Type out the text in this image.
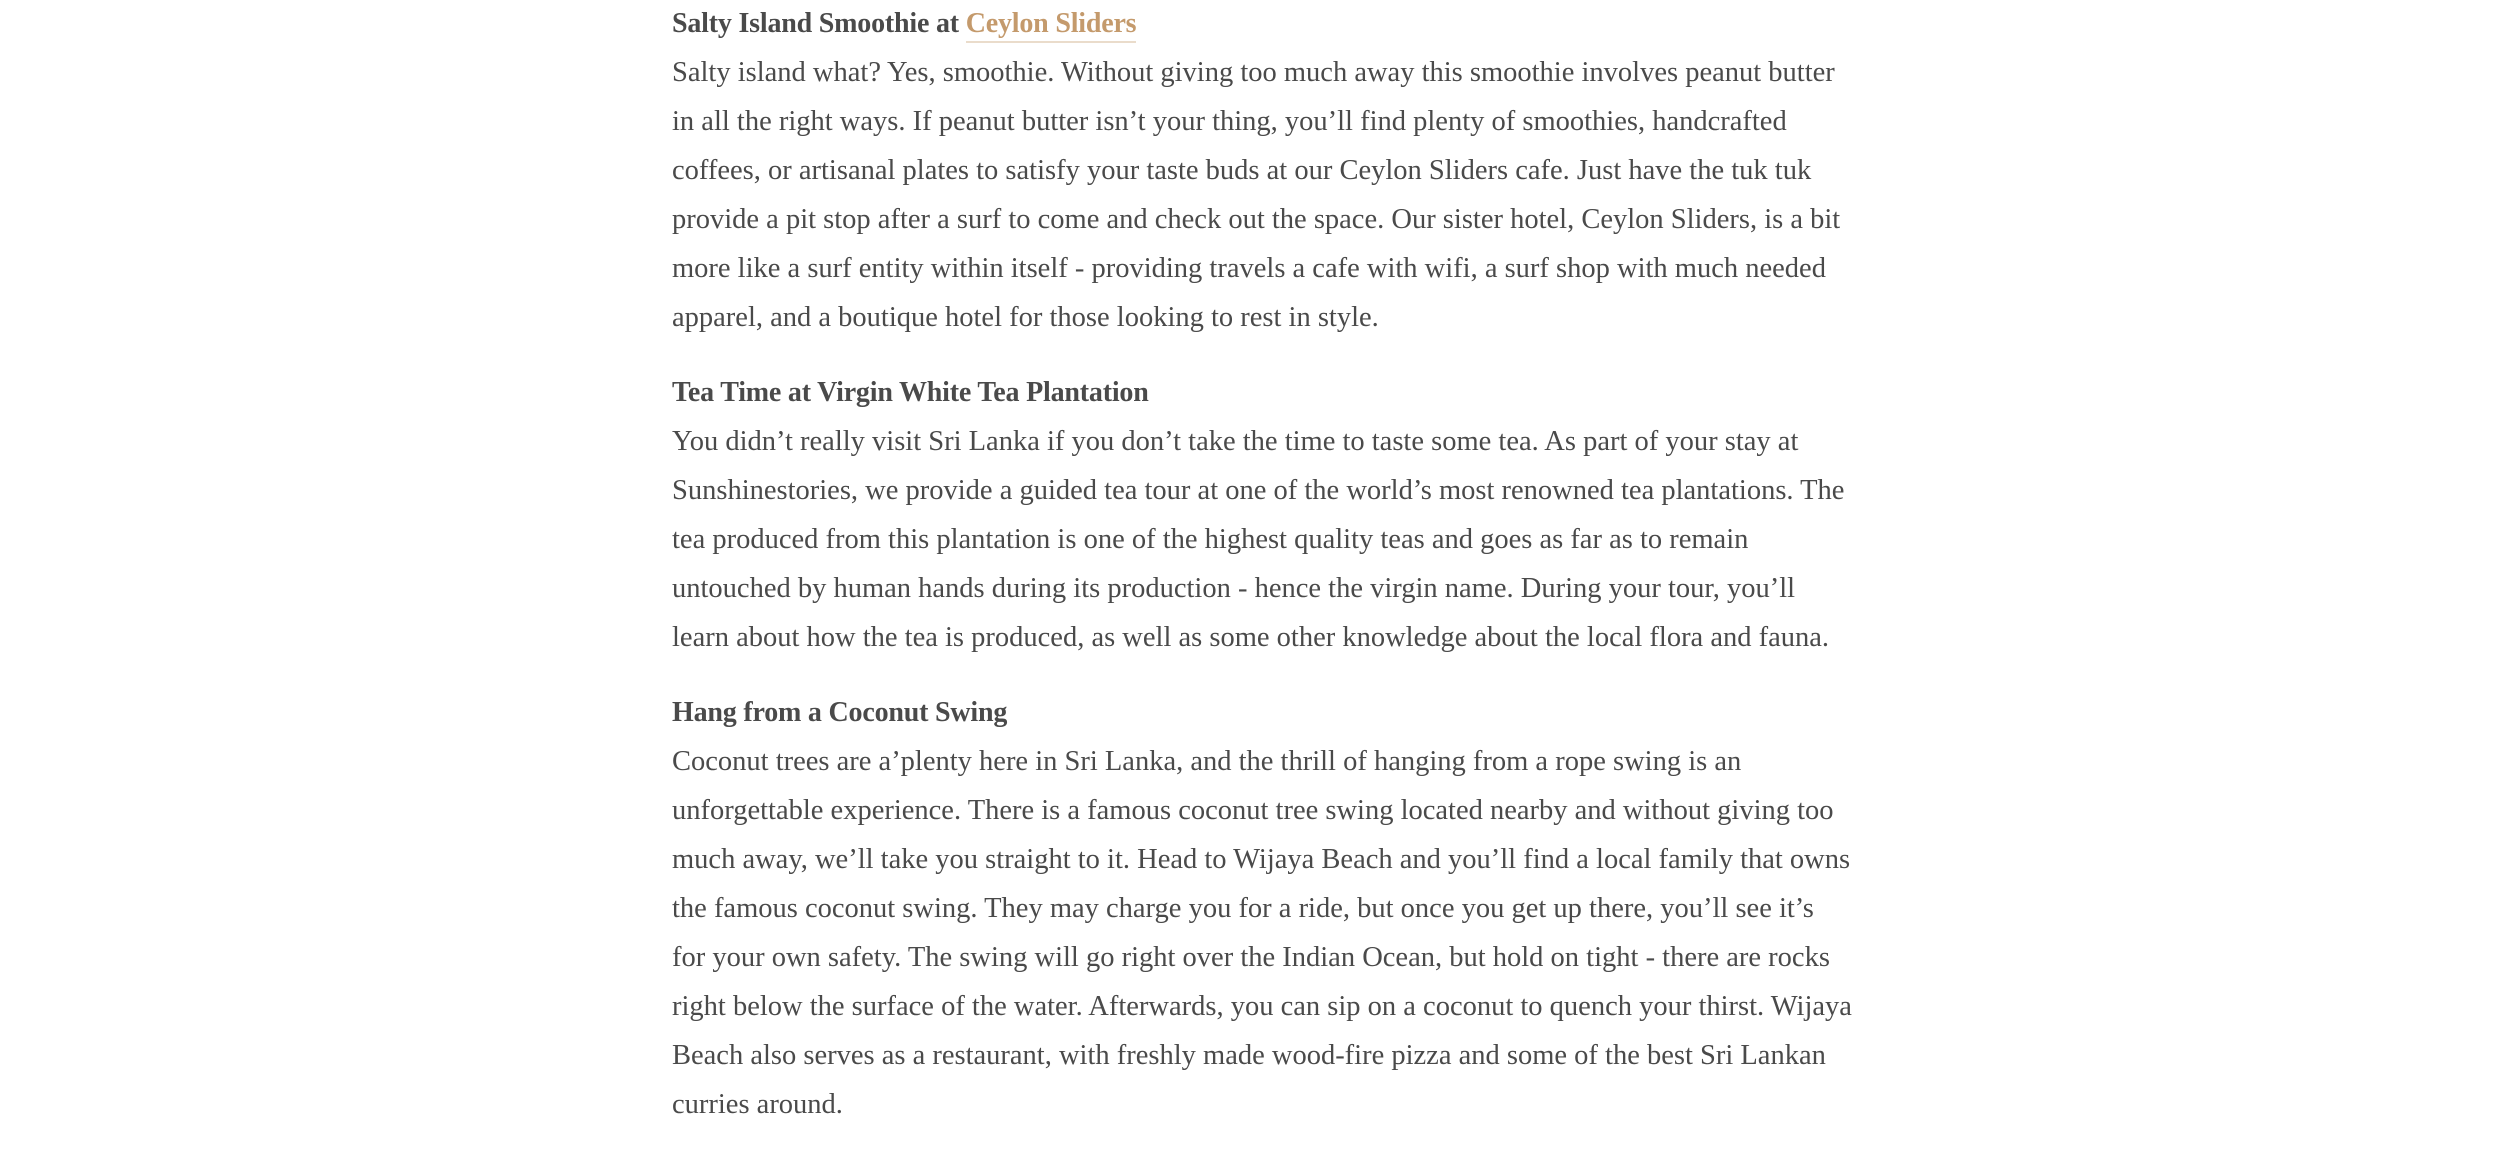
Salty Island Smoothie at Ceylon Sliders

Salty island what? Yes, smoothie. Without giving too much away this smoothie involves peanut butter in all the right ways. If peanut butter isn’t your thing, you’ll find plenty of smoothies, handcrafted coffees, or artisanal plates to satisfy your taste buds at our Ceylon Sliders cafe. Just have the tuk tuk provide a pit stop after a surf to come and check out the space. Our sister hotel, Ceylon Sliders, is a bit more like a surf entity within itself - providing travels a cafe with wifi, a surf shop with much needed apparel, and a boutique hotel for those looking to rest in style.

Tea Time at Virgin White Tea Plantation

You didn’t really visit Sri Lanka if you don’t take the time to taste some tea. As part of your stay at Sunshinestories, we provide a guided tea tour at one of the world’s most renowned tea plantations. The tea produced from this plantation is one of the highest quality teas and goes as far as to remain untouched by human hands during its production - hence the virgin name. During your tour, you’ll learn about how the tea is produced, as well as some other knowledge about the local flora and fauna.

Hang from a Coconut Swing

Coconut trees are a’plenty here in Sri Lanka, and the thrill of hanging from a rope swing is an unforgettable experience. There is a famous coconut tree swing located nearby and without giving too much away, we’ll take you straight to it. Head to Wijaya Beach and you’ll find a local family that owns the famous coconut swing. They may charge you for a ride, but once you get up there, you’ll see it’s for your own safety. The swing will go right over the Indian Ocean, but hold on tight - there are rocks right below the surface of the water. Afterwards, you can sip on a coconut to quench your thirst. Wijaya Beach also serves as a restaurant, with freshly made wood-fire pizza and some of the best Sri Lankan curries around.
